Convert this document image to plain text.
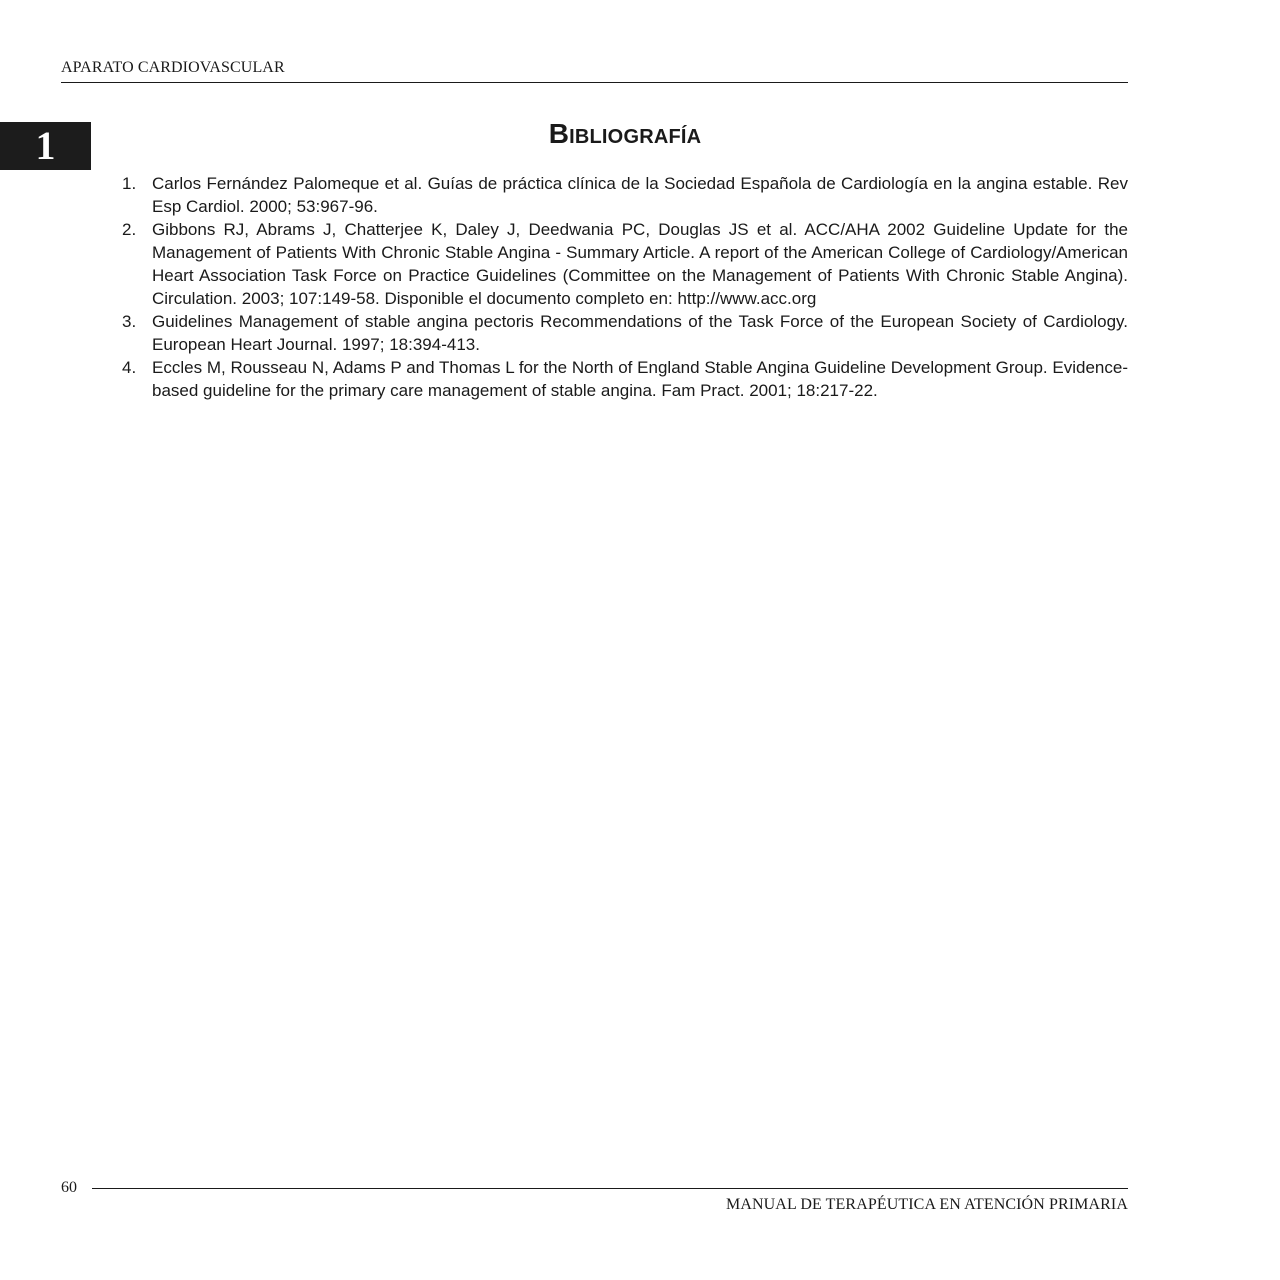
APARATO CARDIOVASCULAR
1	Bibliografía
1. Carlos Fernández Palomeque et al. Guías de práctica clínica de la Sociedad Española de Cardiología en la angina estable. Rev Esp Cardiol. 2000; 53:967-96.
2. Gibbons RJ, Abrams J, Chatterjee K, Daley J, Deedwania PC, Douglas JS et al. ACC/AHA 2002 Guideline Update for the Management of Patients With Chronic Stable Angina - Summary Article. A report of the American College of Cardiology/American Heart Association Task Force on Practice Guidelines (Committee on the Management of Patients With Chronic Stable Angina). Circulation. 2003; 107:149-58. Disponible el documento completo en: http://www.acc.org
3. Guidelines Management of stable angina pectoris Recommendations of the Task Force of the European Society of Cardiology. European Heart Journal. 1997; 18:394-413.
4. Eccles M, Rousseau N, Adams P and Thomas L for the North of England Stable Angina Guideline Development Group. Evidence-based guideline for the primary care management of stable angina. Fam Pract. 2001; 18:217-22.
60
MANUAL DE TERAPÉUTICA EN ATENCIÓN PRIMARIA
